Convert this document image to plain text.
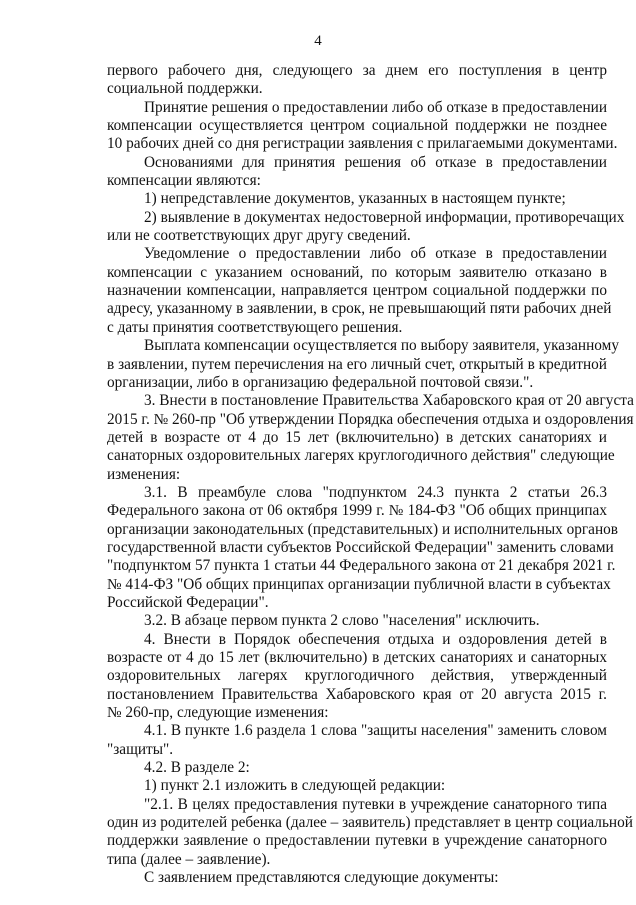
4
первого рабочего дня, следующего за днем его поступления в центр
социальной поддержки.
Принятие решения о предоставлении либо об отказе в предоставлении
компенсации осуществляется центром социальной поддержки не позднее
10 рабочих дней со дня регистрации заявления с прилагаемыми документами.
Основаниями для принятия решения об отказе в предоставлении
компенсации являются:
1) непредставление документов, указанных в настоящем пункте;
2) выявление в документах недостоверной информации, противоречащих
или не соответствующих друг другу сведений.
Уведомление о предоставлении либо об отказе в предоставлении
компенсации с указанием оснований, по которым заявителю отказано в
назначении компенсации, направляется центром социальной поддержки по
адресу, указанному в заявлении, в срок, не превышающий пяти рабочих дней
с даты принятия соответствующего решения.
Выплата компенсации осуществляется по выбору заявителя, указанному
в заявлении, путем перечисления на его личный счет, открытый в кредитной
организации, либо в организацию федеральной почтовой связи.".
3. Внести в постановление Правительства Хабаровского края от 20 августа
2015 г. № 260-пр "Об утверждении Порядка обеспечения отдыха и оздоровления
детей в возрасте от 4 до 15 лет (включительно) в детских санаториях и
санаторных оздоровительных лагерях круглогодичного действия" следующие
изменения:
3.1. В преамбуле слова "подпунктом 24.3 пункта 2 статьи 26.3
Федерального закона от 06 октября 1999 г. № 184-ФЗ "Об общих принципах
организации законодательных (представительных) и исполнительных органов
государственной власти субъектов Российской Федерации" заменить словами
"подпунктом 57 пункта 1 статьи 44 Федерального закона от 21 декабря 2021 г.
№ 414-ФЗ "Об общих принципах организации публичной власти в субъектах
Российской Федерации".
3.2. В абзаце первом пункта 2 слово "населения" исключить.
4. Внести в Порядок обеспечения отдыха и оздоровления детей в
возрасте от 4 до 15 лет (включительно) в детских санаториях и санаторных
оздоровительных лагерях круглогодичного действия, утвержденный
постановлением Правительства Хабаровского края от 20 августа 2015 г.
№ 260-пр, следующие изменения:
4.1. В пункте 1.6 раздела 1 слова "защиты населения" заменить словом
"защиты".
4.2. В разделе 2:
1) пункт 2.1 изложить в следующей редакции:
"2.1. В целях предоставления путевки в учреждение санаторного типа
один из родителей ребенка (далее – заявитель) представляет в центр социальной
поддержки заявление о предоставлении путевки в учреждение санаторного
типа (далее – заявление).
С заявлением представляются следующие документы:
